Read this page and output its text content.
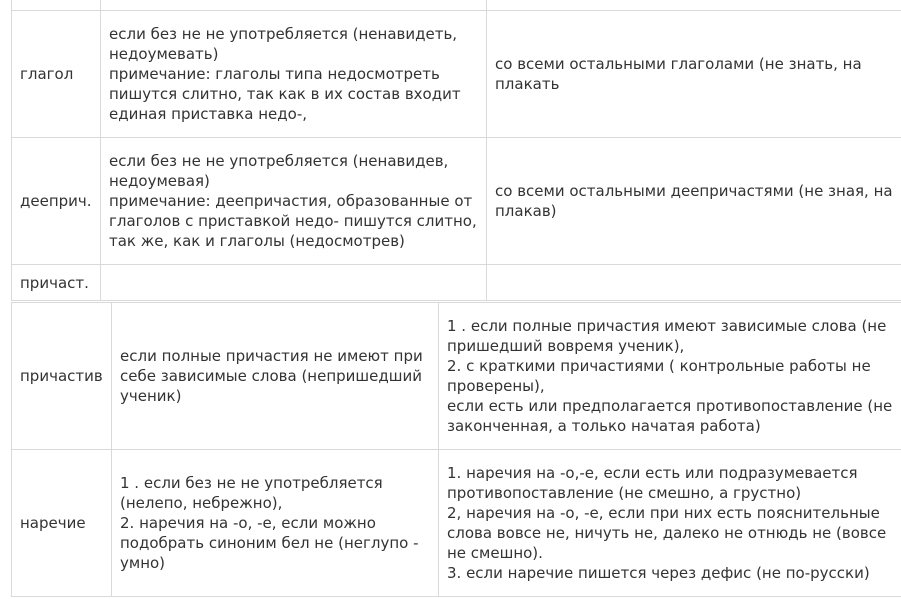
глагол
если без не не употребляется (ненавидеть,
недоумевать)
примечание: глаголы типа недосмотреть
пишутся слитно, так как в их состав входит
единая приставка недо-,
со всеми остальными глаголами (не знать, на
плакать
дееприч.
если без не не употребляется (ненавидев,
недоумевая)
примечание: деепричастия, образованные от
глаголов с приставкой недо- пишутся слитно,
так же, как и глаголы (недосмотрев)
со всеми остальными деепричастями (не зная, на
плакав)
причаст.
причастив
если полные причастия не имеют при
себе зависимые слова (непришедший
ученик)
1 . если полные причастия имеют зависимые слова (не
пришедший вовремя ученик),
2. с краткими причастиями ( контрольные работы не
проверены),
если есть или предполагается противопоставление (не
законченная, а только начатая работа)
наречие
1 . если без не не употребляется
(нелепо, небрежно),
2. наречия на -о, -е, если можно
подобрать синоним бел не (неглупо -
умно)
1. наречия на -о,-е, если есть или подразумевается
противопоставление (не смешно, а грустно)
2, наречия на -о, -е, если при них есть пояснительные
слова вовсе не, ничуть не, далеко не отнюдь не (вовсе
не смешно).
3. если наречие пишется через дефис (не по-русски)
